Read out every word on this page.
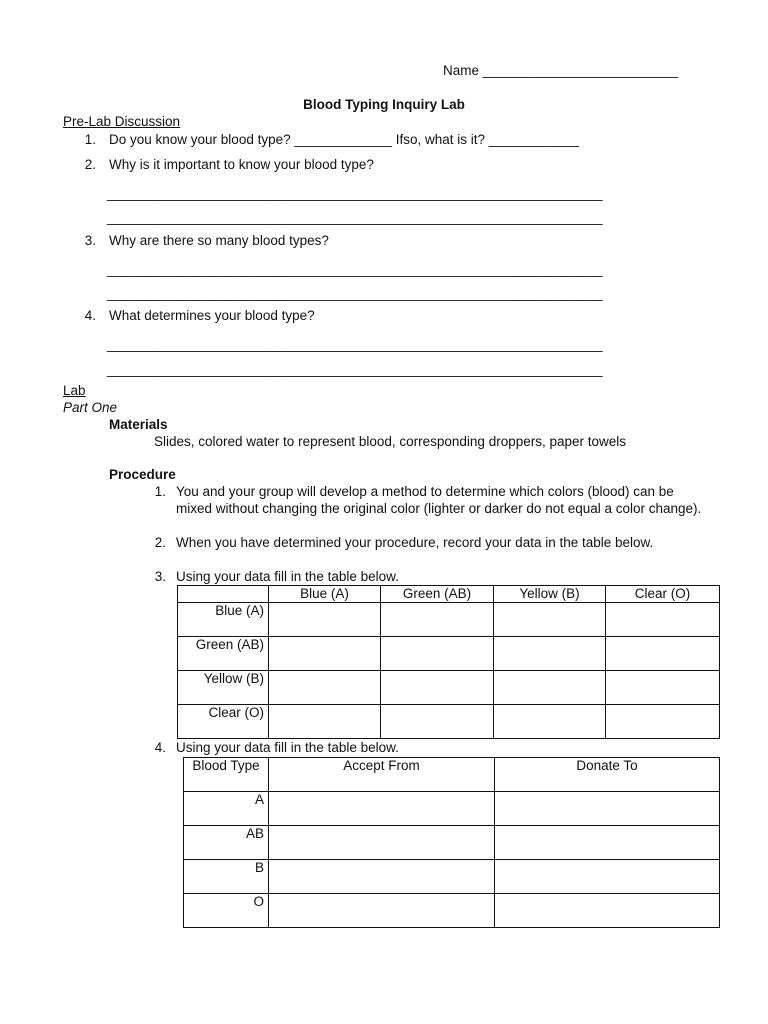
Name __________________________
Blood Typing Inquiry Lab
Pre-Lab Discussion
1. Do you know your blood type? _____________ Ifso, what is it? ____________
2. Why is it important to know your blood type?
__________________________________________________________________
__________________________________________________________________
3. Why are there so many blood types?
__________________________________________________________________
__________________________________________________________________
4. What determines your blood type?
__________________________________________________________________
__________________________________________________________________
Lab
Part One
Materials
Slides, colored water to represent blood, corresponding droppers, paper towels
Procedure
1. You and your group will develop a method to determine which colors (blood) can be mixed without changing the original color (lighter or darker do not equal a color change).
2. When you have determined your procedure, record your data in the table below.
3. Using your data fill in the table below.
	Blue (A)	Green (AB)	Yellow (B)	Clear (O)
Blue (A)				
Green (AB)				
Yellow (B)				
Clear (O)				
4. Using your data fill in the table below.
Blood Type	Accept From	Donate To
A		
AB		
B		
O		
